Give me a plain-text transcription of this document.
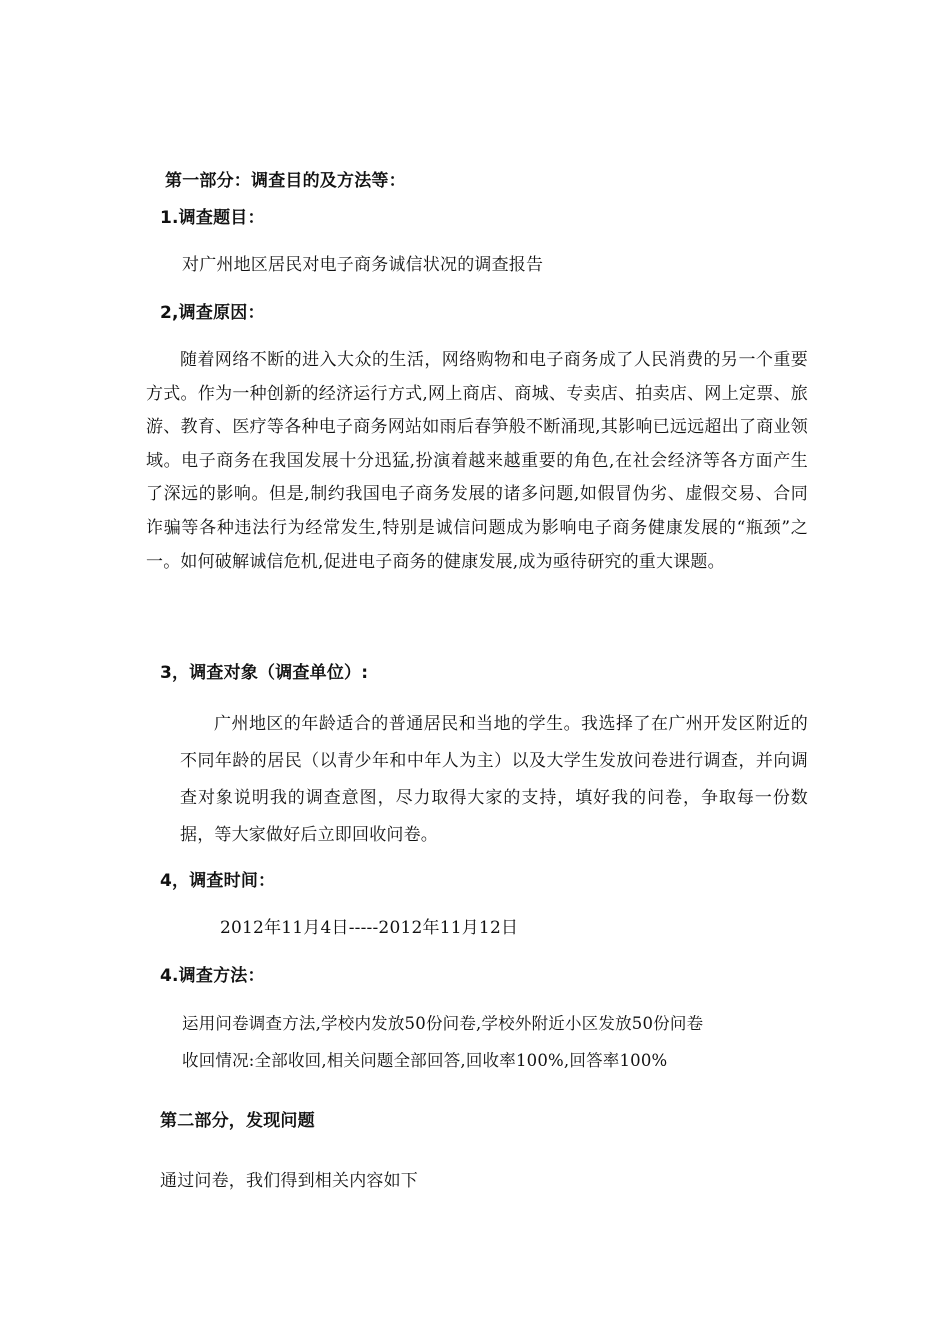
第一部分：调查目的及方法等：
1.调查题目：
对广州地区居民对电子商务诚信状况的调查报告
2,调查原因：
随着网络不断的进入大众的生活，网络购物和电子商务成了人民消费的另一个重要方式。作为一种创新的经济运行方式,网上商店、商城、专卖店、拍卖店、网上定票、旅游、教育、医疗等各种电子商务网站如雨后春笋般不断涌现,其影响已远远超出了商业领域。电子商务在我国发展十分迅猛,扮演着越来越重要的角色,在社会经济等各方面产生了深远的影响。但是,制约我国电子商务发展的诸多问题,如假冒伪劣、虚假交易、合同诈骗等各种违法行为经常发生,特别是诚信问题成为影响电子商务健康发展的“瓶颈”之一。如何破解诚信危机,促进电子商务的健康发展,成为亟待研究的重大课题。
3，调查对象（调查单位）:
广州地区的年龄适合的普通居民和当地的学生。我选择了在广州开发区附近的不同年龄的居民（以青少年和中年人为主）以及大学生发放问卷进行调查，并向调查对象说明我的调查意图，尽力取得大家的支持，填好我的问卷，争取每一份数据，等大家做好后立即回收问卷。
4，调查时间：
2012年11月4日-----2012年11月12日
4.调查方法：
运用问卷调查方法,学校内发放50份问卷,学校外附近小区发放50份问卷
收回情况:全部收回,相关问题全部回答,回收率100%,回答率100%
第二部分，发现问题
通过问卷，我们得到相关内容如下
